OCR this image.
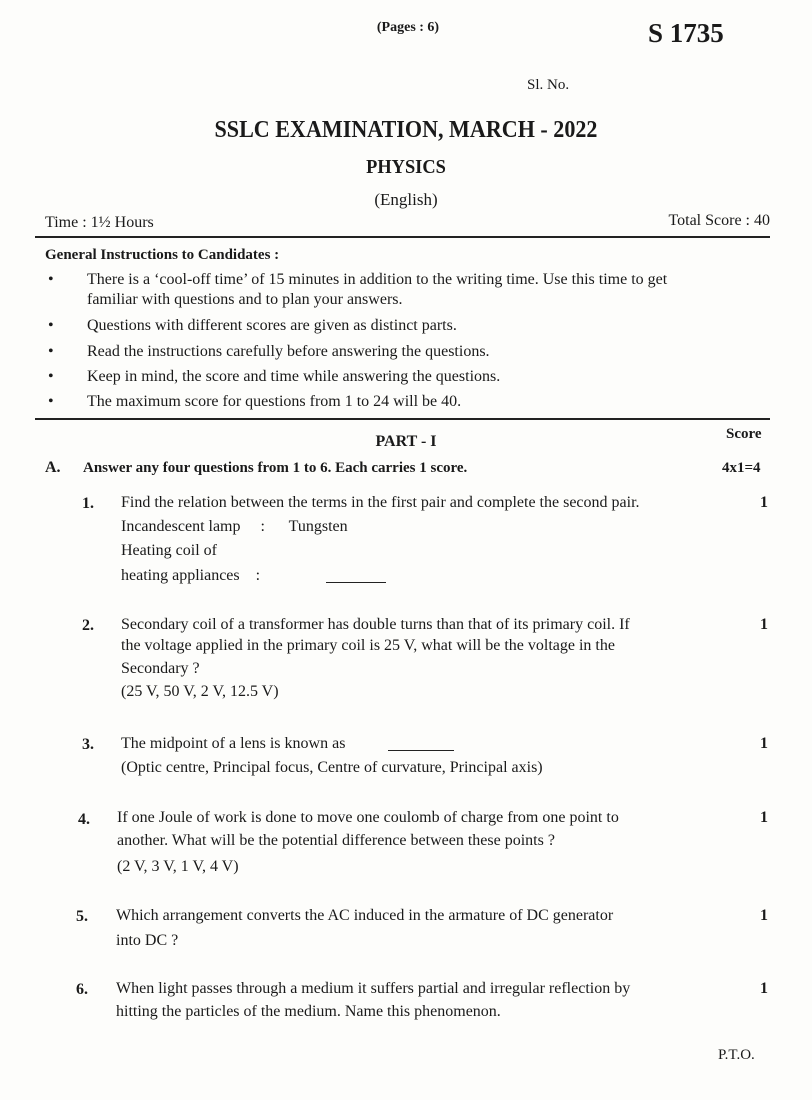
(Pages : 6)	S 1735
Sl. No.
SSLC EXAMINATION, MARCH - 2022
PHYSICS
(English)
Time : 1½ Hours	Total Score : 40
General Instructions to Candidates :
• There is a ‘cool-off time’ of 15 minutes in addition to the writing time. Use this time to get
familiar with questions and to plan your answers.
• Questions with different scores are given as distinct parts.
• Read the instructions carefully before answering the questions.
• Keep in mind, the score and time while answering the questions.
• The maximum score for questions from 1 to 24 will be 40.
PART - I	Score
A. Answer any four questions from 1 to 6. Each carries 1 score.	4x1=4
1. Find the relation between the terms in the first pair and complete the second pair.
Incandescent lamp     :      Tungsten
Heating coil of
heating appliances    :
1
2. Secondary coil of a transformer has double turns than that of its primary coil. If
the voltage applied in the primary coil is 25 V, what will be the voltage in the
Secondary ?
(25 V, 50 V, 2 V, 12.5 V)
1
3. The midpoint of a lens is known as
(Optic centre, Principal focus, Centre of curvature, Principal axis)
1
4. If one Joule of work is done to move one coulomb of charge from one point to
another. What will be the potential difference between these points ?
(2 V, 3 V, 1 V, 4 V)
1
5. Which arrangement converts the AC induced in the armature of DC generator
into DC ?
1
6. When light passes through a medium it suffers partial and irregular reflection by
hitting the particles of the medium. Name this phenomenon.
1
P.T.O.
